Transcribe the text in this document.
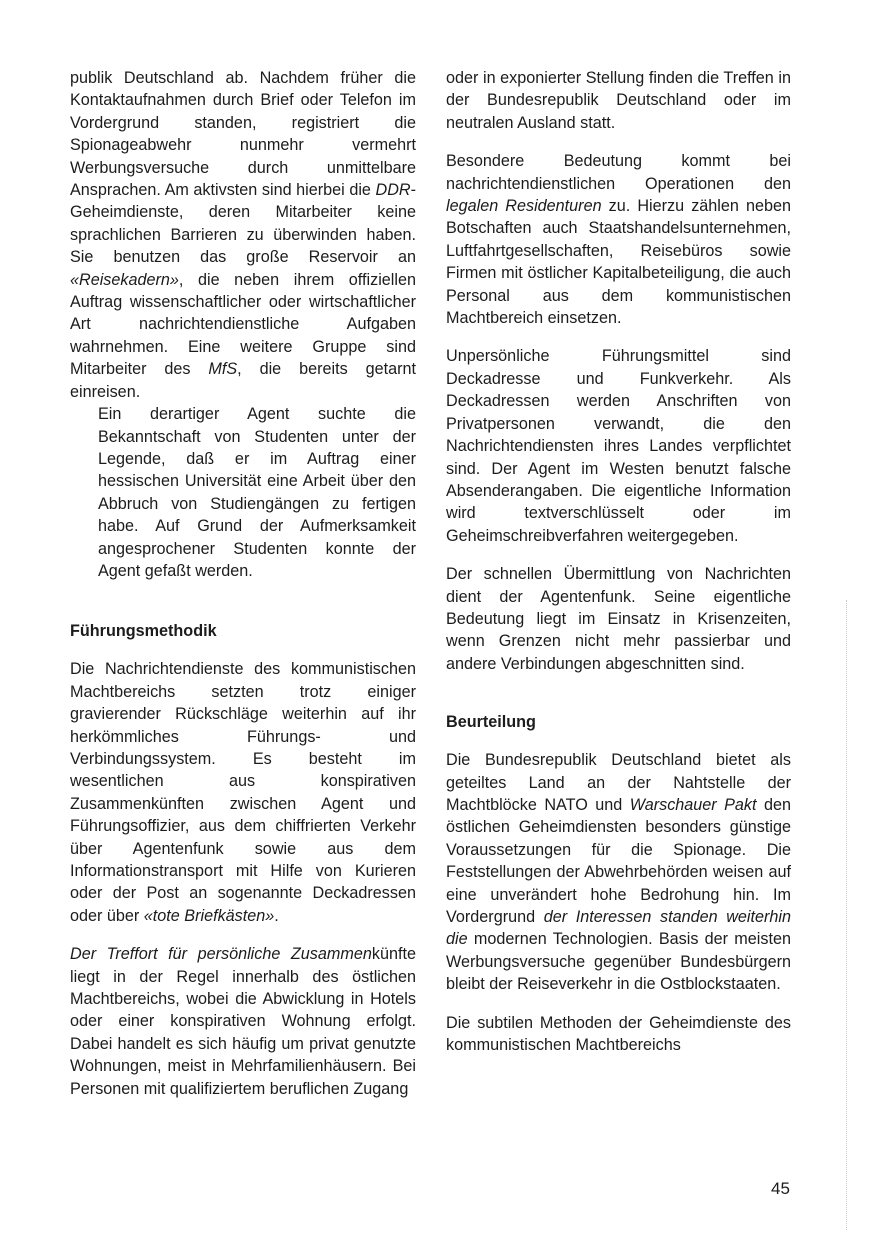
publik Deutschland ab. Nachdem früher die Kontaktaufnahmen durch Brief oder Telefon im Vordergrund standen, registriert die Spionageabwehr nunmehr vermehrt Werbungsversuche durch unmittelbare Ansprachen. Am aktivsten sind hierbei die DDR-Geheimdienste, deren Mitarbeiter keine sprachlichen Barrieren zu überwinden haben. Sie benutzen das große Reservoir an «Reisekadern», die neben ihrem offiziellen Auftrag wissenschaftlicher oder wirtschaftlicher Art nachrichtendienstliche Aufgaben wahrnehmen. Eine weitere Gruppe sind Mitarbeiter des MfS, die bereits getarnt einreisen.

Ein derartiger Agent suchte die Bekanntschaft von Studenten unter der Legende, daß er im Auftrag einer hessischen Universität eine Arbeit über den Abbruch von Studiengängen zu fertigen habe. Auf Grund der Aufmerksamkeit angesprochener Studenten konnte der Agent gefaßt werden.

Führungsmethodik

Die Nachrichtendienste des kommunistischen Machtbereichs setzten trotz einiger gravierender Rückschläge weiterhin auf ihr herkömmliches Führungs- und Verbindungssystem. Es besteht im wesentlichen aus konspirativen Zusammenkünften zwischen Agent und Führungsoffizier, aus dem chiffrierten Verkehr über Agentenfunk sowie aus dem Informationstransport mit Hilfe von Kurieren oder der Post an sogenannte Deckadressen oder über «tote Briefkästen».

Der Treffort für persönliche Zusammenkünfte liegt in der Regel innerhalb des östlichen Machtbereichs, wobei die Abwicklung in Hotels oder einer konspirativen Wohnung erfolgt. Dabei handelt es sich häufig um privat genutzte Wohnungen, meist in Mehrfamilienhäusern. Bei Personen mit qualifiziertem beruflichen Zugang

oder in exponierter Stellung finden die Treffen in der Bundesrepublik Deutschland oder im neutralen Ausland statt.

Besondere Bedeutung kommt bei nachrichtendienstlichen Operationen den legalen Residenturen zu. Hierzu zählen neben Botschaften auch Staatshandelsunternehmen, Luftfahrtgesellschaften, Reisebüros sowie Firmen mit östlicher Kapitalbeteiligung, die auch Personal aus dem kommunistischen Machtbereich einsetzen.

Unpersönliche Führungsmittel sind Deckadresse und Funkverkehr. Als Deckadressen werden Anschriften von Privatpersonen verwandt, die den Nachrichtendiensten ihres Landes verpflichtet sind. Der Agent im Westen benutzt falsche Absenderangaben. Die eigentliche Information wird textverschlüsselt oder im Geheimschreibverfahren weitergegeben.

Der schnellen Übermittlung von Nachrichten dient der Agentenfunk. Seine eigentliche Bedeutung liegt im Einsatz in Krisenzeiten, wenn Grenzen nicht mehr passierbar und andere Verbindungen abgeschnitten sind.

Beurteilung

Die Bundesrepublik Deutschland bietet als geteiltes Land an der Nahtstelle der Machtblöcke NATO und Warschauer Pakt den östlichen Geheimdiensten besonders günstige Voraussetzungen für die Spionage. Die Feststellungen der Abwehrbehörden weisen auf eine unverändert hohe Bedrohung hin. Im Vordergrund der Interessen standen weiterhin die modernen Technologien. Basis der meisten Werbungsversuche gegenüber Bundesbürgern bleibt der Reiseverkehr in die Ostblockstaaten.

Die subtilen Methoden der Geheimdienste des kommunistischen Machtbereichs

45
